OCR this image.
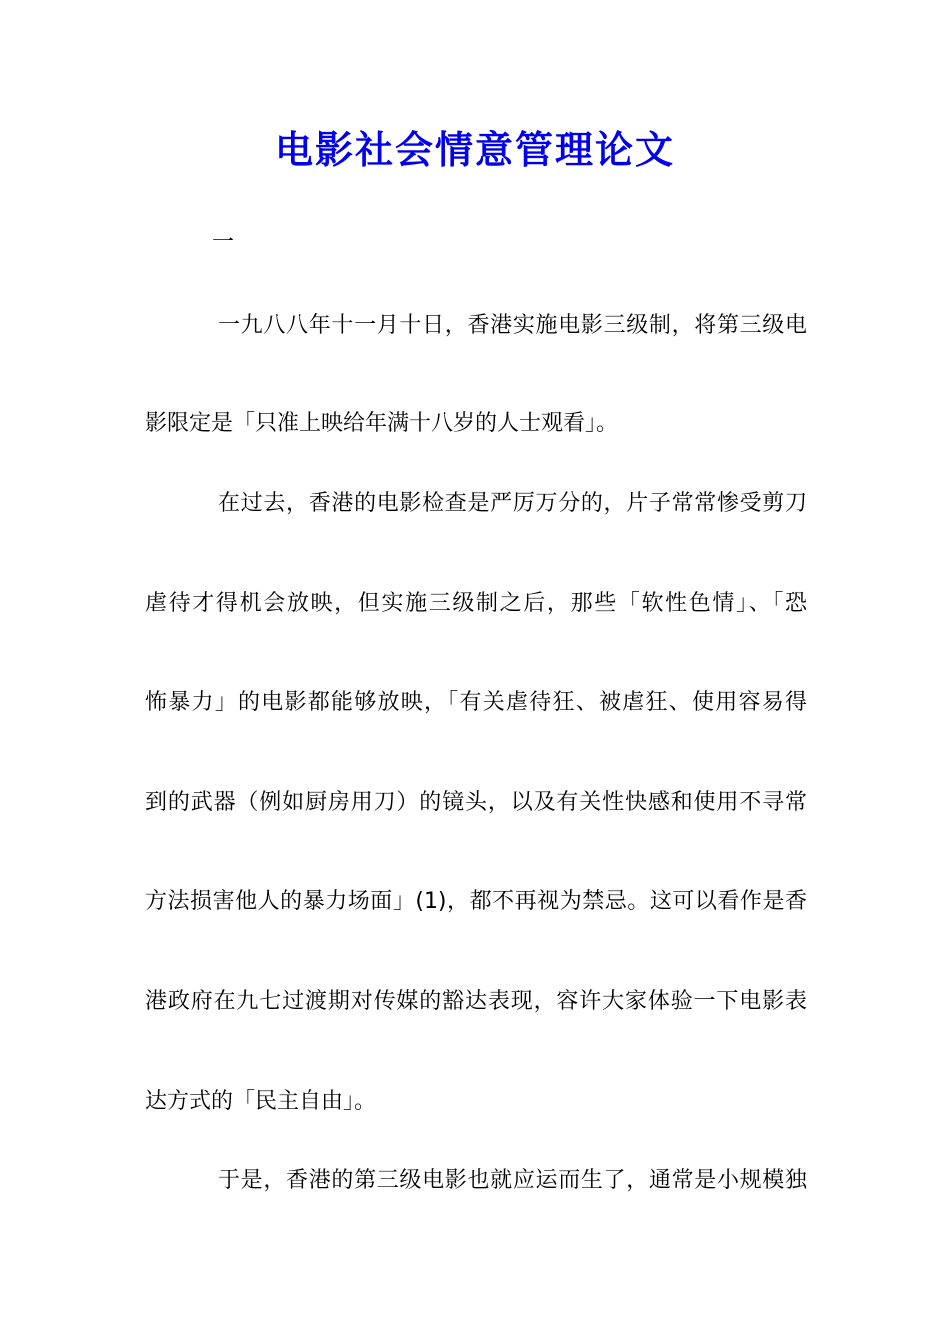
电影社会情意管理论文
一
一九八八年十一月十日，香港实施电影三级制，将第三级电
影限定是「只准上映给年满十八岁的人士观看」。
在过去，香港的电影检查是严厉万分的，片子常常惨受剪刀
虐待才得机会放映，但实施三级制之后，那些「软性色情」、「恐
怖暴力」的电影都能够放映，「有关虐待狂、被虐狂、使用容易得
到的武器（例如厨房用刀）的镜头，以及有关性快感和使用不寻常
方法损害他人的暴力场面」(1)，都不再视为禁忌。这可以看作是香
港政府在九七过渡期对传媒的豁达表现，容许大家体验一下电影表
达方式的「民主自由」。
于是，香港的第三级电影也就应运而生了，通常是小规模独
